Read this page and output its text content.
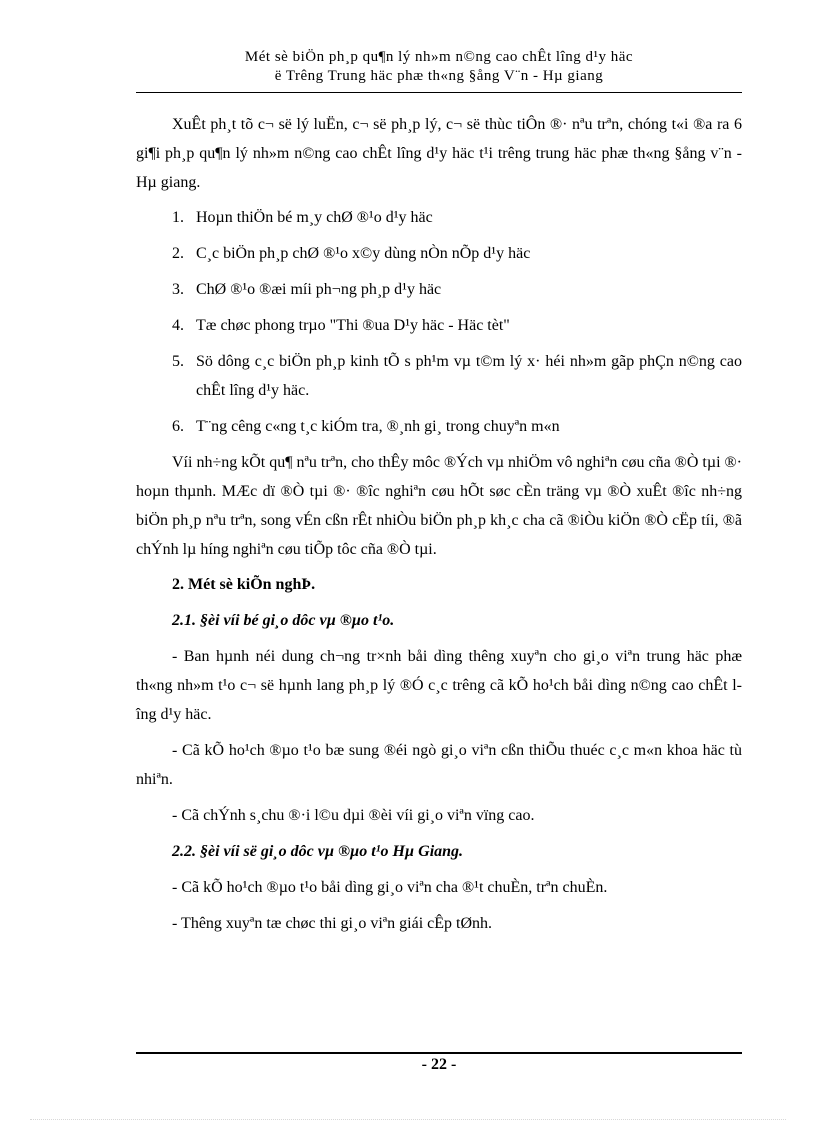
Mét sè biÖn ph¸p qu¶n lý nh»m n©ng cao chÊt lîng d¹y häc
ë Trêng Trung häc phæ th«ng §ång V¨n - Hµ giang

XuÊt ph¸t tõ c¬ së lý luËn, c¬ së ph¸p lý, c¬ së thùc tiÔn ®· nªu trªn, chóng t«i ®a ra 6 gi¶i ph¸p qu¶n lý nh»m n©ng cao chÊt lîng d¹y häc t¹i trêng trung häc phæ th«ng §ång v¨n - Hµ giang.

1. Hoµn thiÖn bé m¸y chØ ®¹o d¹y häc

2. C¸c biÖn ph¸p chØ ®¹o x©y dùng nÒn nÕp d¹y häc

3. ChØ ®¹o ®æi míi ph¬ng ph¸p d¹y häc

4. Tæ chøc phong trµo "Thi ®ua D¹y häc - Häc tèt"

5. Sö dông c¸c biÖn ph¸p kinh tÕ s ph¹m vµ t©m lý x· héi nh»m gãp phÇn n©ng cao chÊt lîng d¹y häc.

6. T¨ng cêng c«ng t¸c kiÓm tra, ®¸nh gi¸ trong chuyªn m«n

Víi nh÷ng kÕt qu¶ nªu trªn, cho thÊy môc ®Ých vµ nhiÖm vô nghiªn cøu cña ®Ò tµi ®· hoµn thµnh. MÆc dï ®Ò tµi ®· ®îc nghiªn cøu hÕt søc cÈn träng vµ ®Ò xuÊt ®îc nh÷ng biÖn ph¸p nªu trªn, song vÉn cßn rÊt nhiÒu biÖn ph¸p kh¸c cha cã ®iÒu kiÖn ®Ò cËp tíi, ®ã chÝnh lµ híng nghiªn cøu tiÕp tôc cña ®Ò tµi.

2. Mét sè kiÕn nghÞ.

2.1. §èi víi bé gi¸o dôc vµ ®µo t¹o.

- Ban hµnh néi dung ch¬ng tr×nh båi dìng thêng xuyªn cho gi¸o viªn trung häc phæ th«ng nh»m t¹o c¬ së hµnh lang ph¸p lý ®Ó c¸c trêng cã kÕ ho¹ch båi dìng n©ng cao chÊt lîng d¹y häc.

- Cã kÕ ho¹ch ®µo t¹o bæ sung ®éi ngò gi¸o viªn cßn thiÕu thuéc c¸c m«n khoa häc tù nhiªn.

- Cã chÝnh s¸chu ®·i l©u dµi ®èi víi gi¸o viªn vïng cao.

2.2. §èi víi së gi¸o dôc vµ ®µo t¹o Hµ Giang.

- Cã kÕ ho¹ch ®µo t¹o båi dìng gi¸o viªn cha ®¹t chuÈn, trªn chuÈn.

- Thêng xuyªn tæ chøc thi gi¸o viªn giái cÊp tØnh.

- 22 -
